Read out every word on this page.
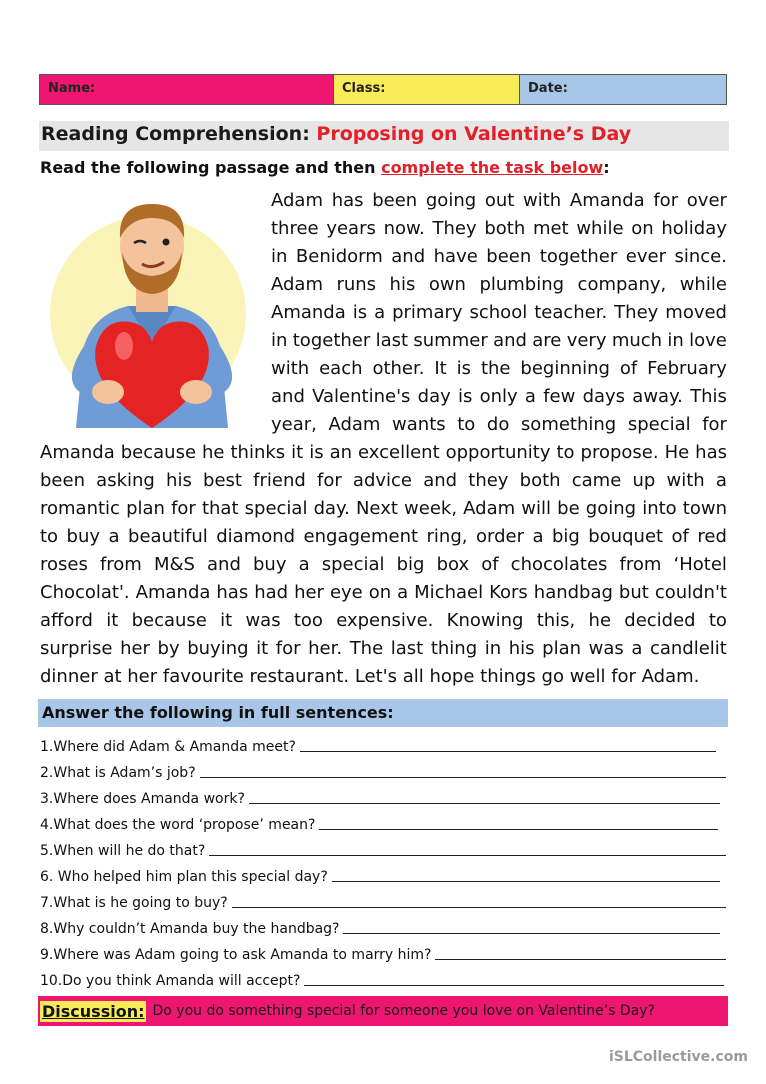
Name:	Class:	Date:
Reading Comprehension: Proposing on Valentine’s Day
Read the following passage and then complete the task below:
Adam has been going out with Amanda for over
three years now. They both met while on holiday
in Benidorm and have been together ever since.
Adam runs his own plumbing company, while
Amanda is a primary school teacher. They moved
in together last summer and are very much in love
with each other. It is the beginning of February
and Valentine's day is only a few days away. This
year, Adam wants to do something special for
Amanda because he thinks it is an excellent opportunity to propose. He has
been asking his best friend for advice and they both came up with a
romantic plan for that special day. Next week, Adam will be going into town
to buy a beautiful diamond engagement ring, order a big bouquet of red
roses from M&S and buy a special big box of chocolates from ‘Hotel
Chocolat'. Amanda has had her eye on a Michael Kors handbag but couldn't
afford it because it was too expensive. Knowing this, he decided to
surprise her by buying it for her. The last thing in his plan was a candlelit
dinner at her favourite restaurant. Let's all hope things go well for Adam.
Answer the following in full sentences:
1.Where did Adam & Amanda meet?
2.What is Adam’s job?
3.Where does Amanda work?
4.What does the word ‘propose’ mean?
5.When will he do that?
6. Who helped him plan this special day?
7.What is he going to buy?
8.Why couldn’t Amanda buy the handbag?
9.Where was Adam going to ask Amanda to marry him?
10.Do you think Amanda will accept?
Discussion: Do you do something special for someone you love on Valentine’s Day?
iSLCollective.com
